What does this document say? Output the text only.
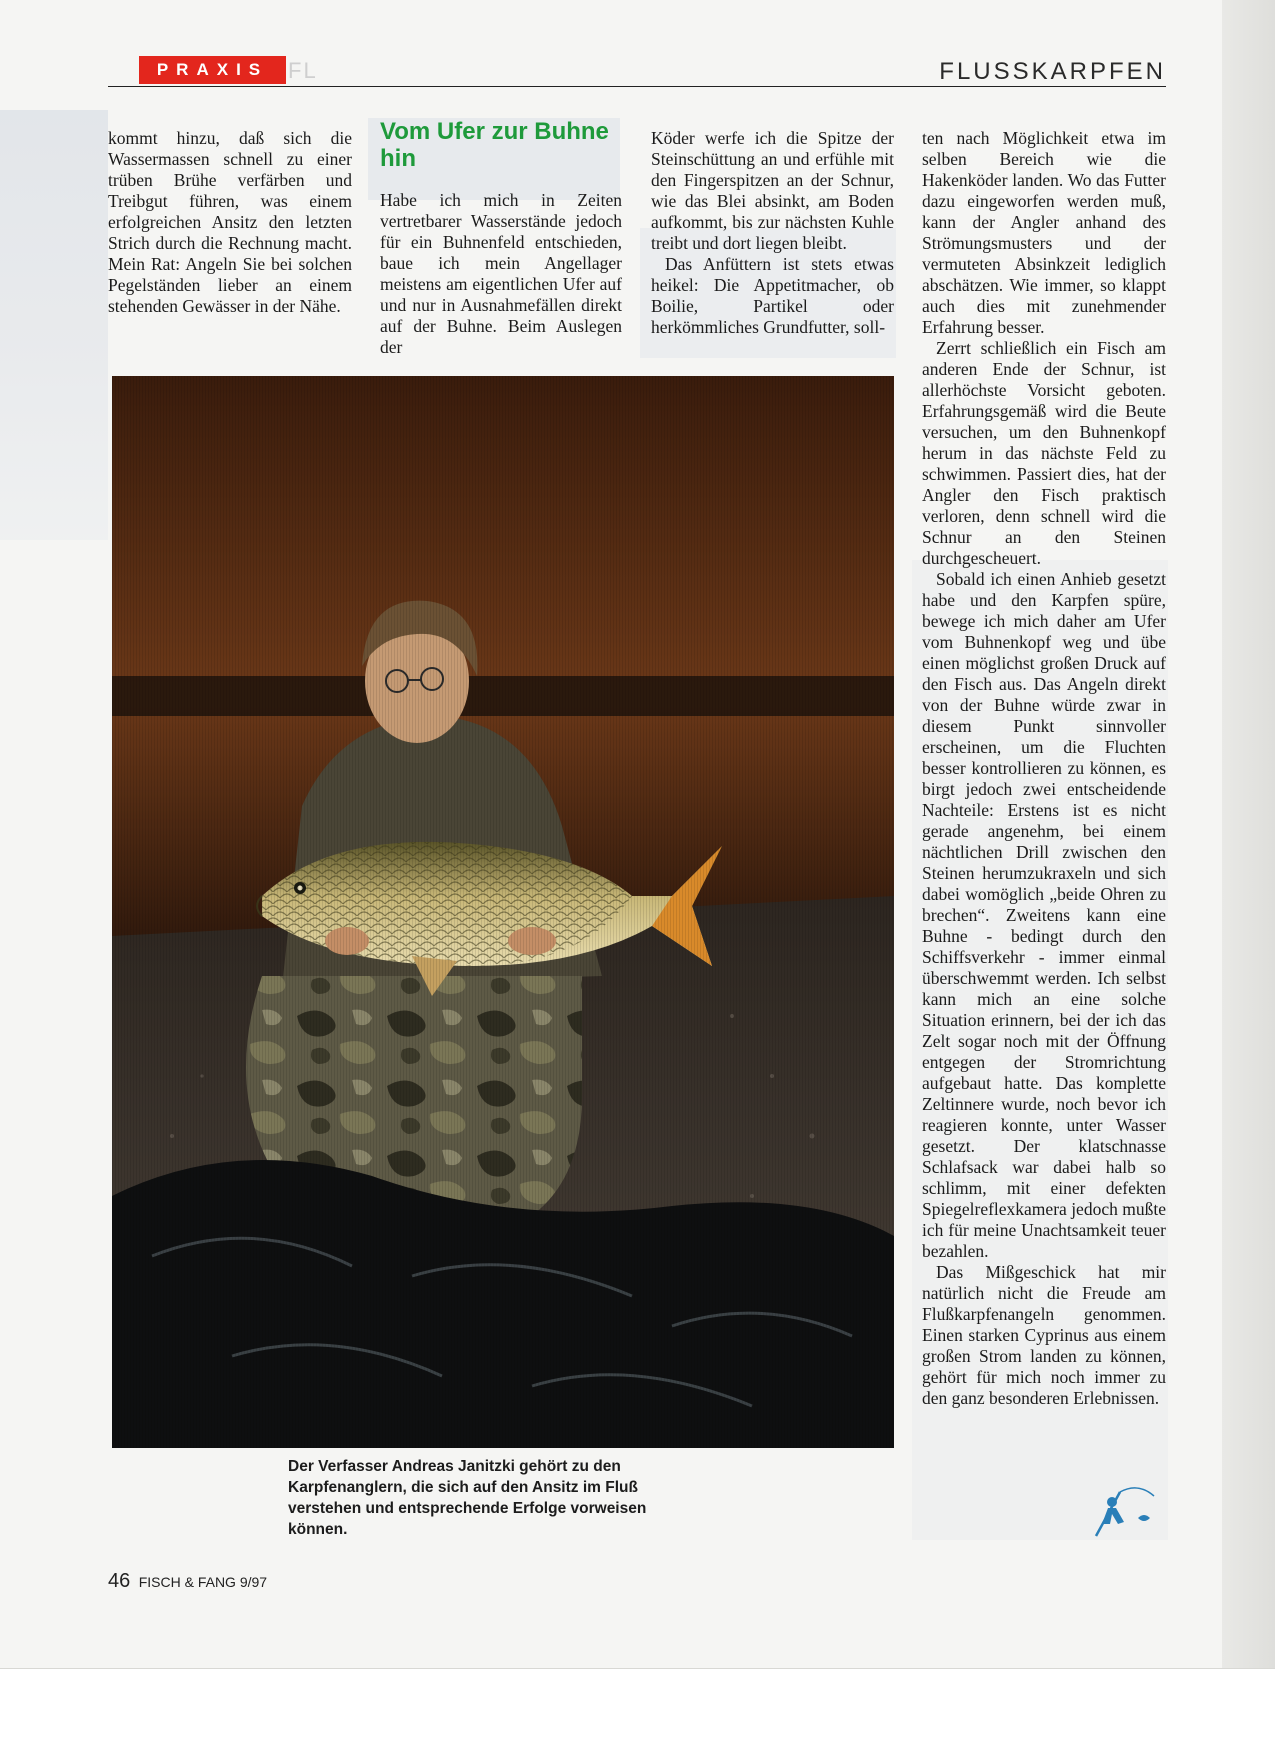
PRAXIS FL	FLUSSKARPFEN

kommt hinzu, daß sich die Wassermassen schnell zu einer trüben Brühe verfärben und Treibgut führen, was einem erfolgreichen Ansitz den letzten Strich durch die Rechnung macht. Mein Rat: Angeln Sie bei solchen Pegelständen lieber an einem stehenden Gewässer in der Nähe.

Vom Ufer zur Buhne hin

Habe ich mich in Zeiten vertretbarer Wasserstände jedoch für ein Buhnenfeld entschieden, baue ich mein Angellager meistens am eigentlichen Ufer auf und nur in Ausnahmefällen direkt auf der Buhne. Beim Auslegen der

Köder werfe ich die Spitze der Steinschüttung an und erfühle mit den Fingerspitzen an der Schnur, wie das Blei absinkt, am Boden aufkommt, bis zur nächsten Kuhle treibt und dort liegen bleibt.

Das Anfüttern ist stets etwas heikel: Die Appetitmacher, ob Boilie, Partikel oder herkömmliches Grundfutter, soll-

ten nach Möglichkeit etwa im selben Bereich wie die Hakenköder landen. Wo das Futter dazu eingeworfen werden muß, kann der Angler anhand des Strömungsmusters und der vermuteten Absinkzeit lediglich abschätzen. Wie immer, so klappt auch dies mit zunehmender Erfahrung besser.

Zerrt schließlich ein Fisch am anderen Ende der Schnur, ist allerhöchste Vorsicht geboten. Erfahrungsgemäß wird die Beute versuchen, um den Buhnenkopf herum in das nächste Feld zu schwimmen. Passiert dies, hat der Angler den Fisch praktisch verloren, denn schnell wird die Schnur an den Steinen durchgescheuert.

Sobald ich einen Anhieb gesetzt habe und den Karpfen spüre, bewege ich mich daher am Ufer vom Buhnenkopf weg und übe einen möglichst großen Druck auf den Fisch aus. Das Angeln direkt von der Buhne würde zwar in diesem Punkt sinnvoller erscheinen, um die Fluchten besser kontrollieren zu können, es birgt jedoch zwei entscheidende Nachteile: Erstens ist es nicht gerade angenehm, bei einem nächtlichen Drill zwischen den Steinen herumzukraxeln und sich dabei womöglich „beide Ohren zu brechen“. Zweitens kann eine Buhne - bedingt durch den Schiffsverkehr - immer einmal überschwemmt werden. Ich selbst kann mich an eine solche Situation erinnern, bei der ich das Zelt sogar noch mit der Öffnung entgegen der Stromrichtung aufgebaut hatte. Das komplette Zeltinnere wurde, noch bevor ich reagieren konnte, unter Wasser gesetzt. Der klatschnasse Schlafsack war dabei halb so schlimm, mit einer defekten Spiegelreflexkamera jedoch mußte ich für meine Unachtsamkeit teuer bezahlen.

Das Mißgeschick hat mir natürlich nicht die Freude am Flußkarpfenangeln genommen. Einen starken Cyprinus aus einem großen Strom landen zu können, gehört für mich noch immer zu den ganz besonderen Erlebnissen.

Der Verfasser Andreas Janitzki gehört zu den Karpfenanglern, die sich auf den Ansitz im Fluß verstehen und entsprechende Erfolge vorweisen können.
46 FISCH & FANG 9/97
